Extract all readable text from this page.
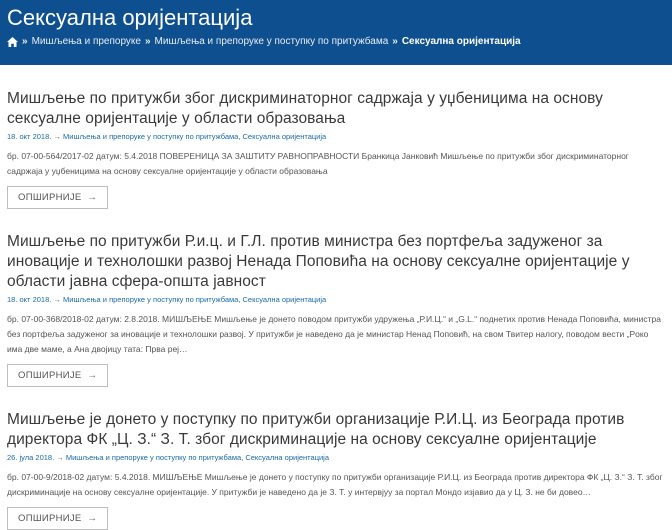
Сексуална оријентација
» Мишљења и препоруке » Мишљења и препоруке у поступку по притужбама » Сексуална оријентација
Мишљење по притужби због дискриминаторног садржаја у уџбеницима на основу сексуалне оријентације у области образовања
18. окт 2018. → Мишљења и препоруке у поступку по притужбама, Сексуална оријентација
бр. 07-00-564/2017-02 датум: 5.4.2018 ПОВЕРЕНИЦА ЗА ЗАШТИТУ РАВНОПРАВНОСТИ Бранкица Јанковић Мишљење по притужби због дискриминаторног садржаја у уџбеницима на основу сексуалне оријентације у области образовања
ОПШИРНИЈЕ →
Мишљење по притужби Р.и.ц. и Г.Л. против министра без портфеља задуженог за иновације и технолошки развој Ненада Поповића на основу сексуалне оријентације у области јавна сфера-општа јавност
18. окт 2018. → Мишљења и препоруке у поступку по притужбама, Сексуална оријентација
бр. 07-00-368/2018-02 датум: 2.8.2018. МИШЉЕЊЕ Мишљење је донето поводом притужби удружења „Р.И.Ц.“ и „G.L.“ поднетих против Ненада Поповића, министра без портфеља задуженог за иновације и технолошки развој. У притужби је наведено да је министар Ненад Поповић, на свом Твитер налогу, поводом вести „Рoко има две маме, а Ана двојицу тата: Прва реј…
ОПШИРНИЈЕ →
Мишљење је донето у поступку по притужби организације Р.И.Ц. из Београда против директора ФК „Ц. З.“ З. Т. због дискриминације на основу сексуалне оријентације
26. јула 2018. → Мишљења и препоруке у поступку по притужбама, Сексуална оријентација
бр. 07-00-9/2018-02 датум: 5.4.2018. МИШЉЕЊЕ Мишљење је донето у поступку по притужби организације Р.И.Ц. из Београда против директора ФК „Ц. З.“ З. Т. због дискриминације на основу сексуалне оријентације. У притужби је наведено да је З. Т. у интервјуу за портал Мондо изјавио да у Ц. З. не би довео…
ОПШИРНИЈЕ →
